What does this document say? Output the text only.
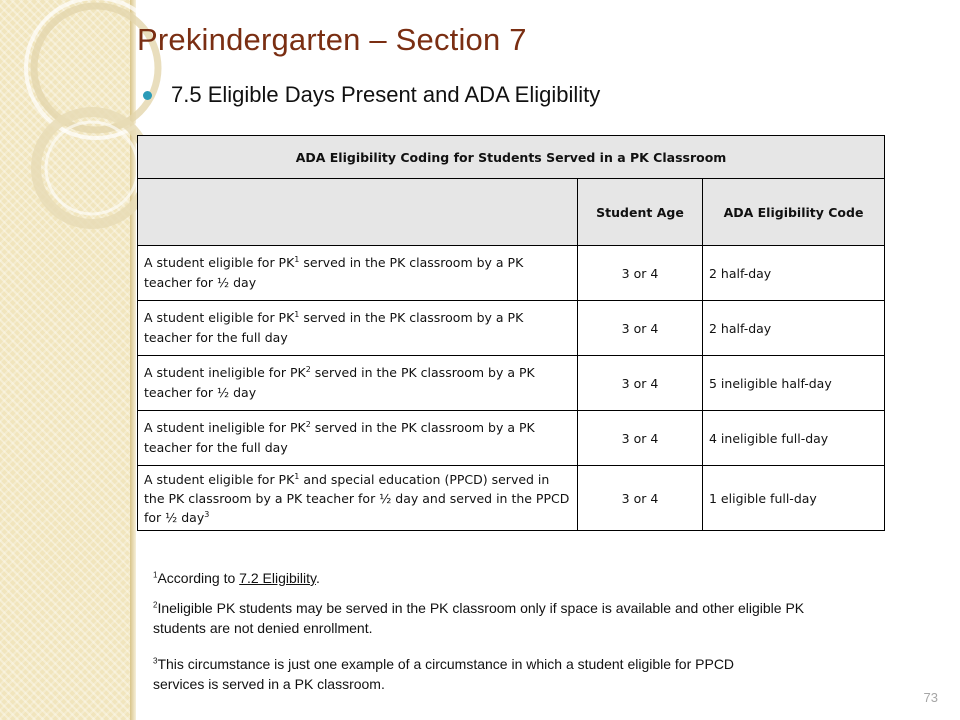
Prekindergarten – Section 7
7.5 Eligible Days Present and ADA Eligibility
ADA Eligibility Coding for Students Served in a PK Classroom		
	Student Age	ADA Eligibility Code
A student eligible for $PK^1$ served in the PK classroom by a PK teacher for ½ day	3 or 4	2 half-day
A student eligible for $PK^1$ served in the PK classroom by a PK teacher for the full day	3 or 4	2 half-day
A student ineligible for $PK^2$ served in the PK classroom by a PK teacher for ½ day	3 or 4	5 ineligible half-day
A student ineligible for $PK^2$ served in the PK classroom by a PK teacher for the full day	3 or 4	4 ineligible full-day
A student eligible for $PK^1$ and special education (PPCD) served in the PK classroom by a PK teacher for ½ day and served in the PPCD for ½ day$^3$	3 or 4	1 eligible full-day
$^1$According to 7.2 Eligibility.
$^2$Ineligible PK students may be served in the PK classroom only if space is available and other eligible PK students are not denied enrollment.
$^3$This circumstance is just one example of a circumstance in which a student eligible for PPCD services is served in a PK classroom.
73
